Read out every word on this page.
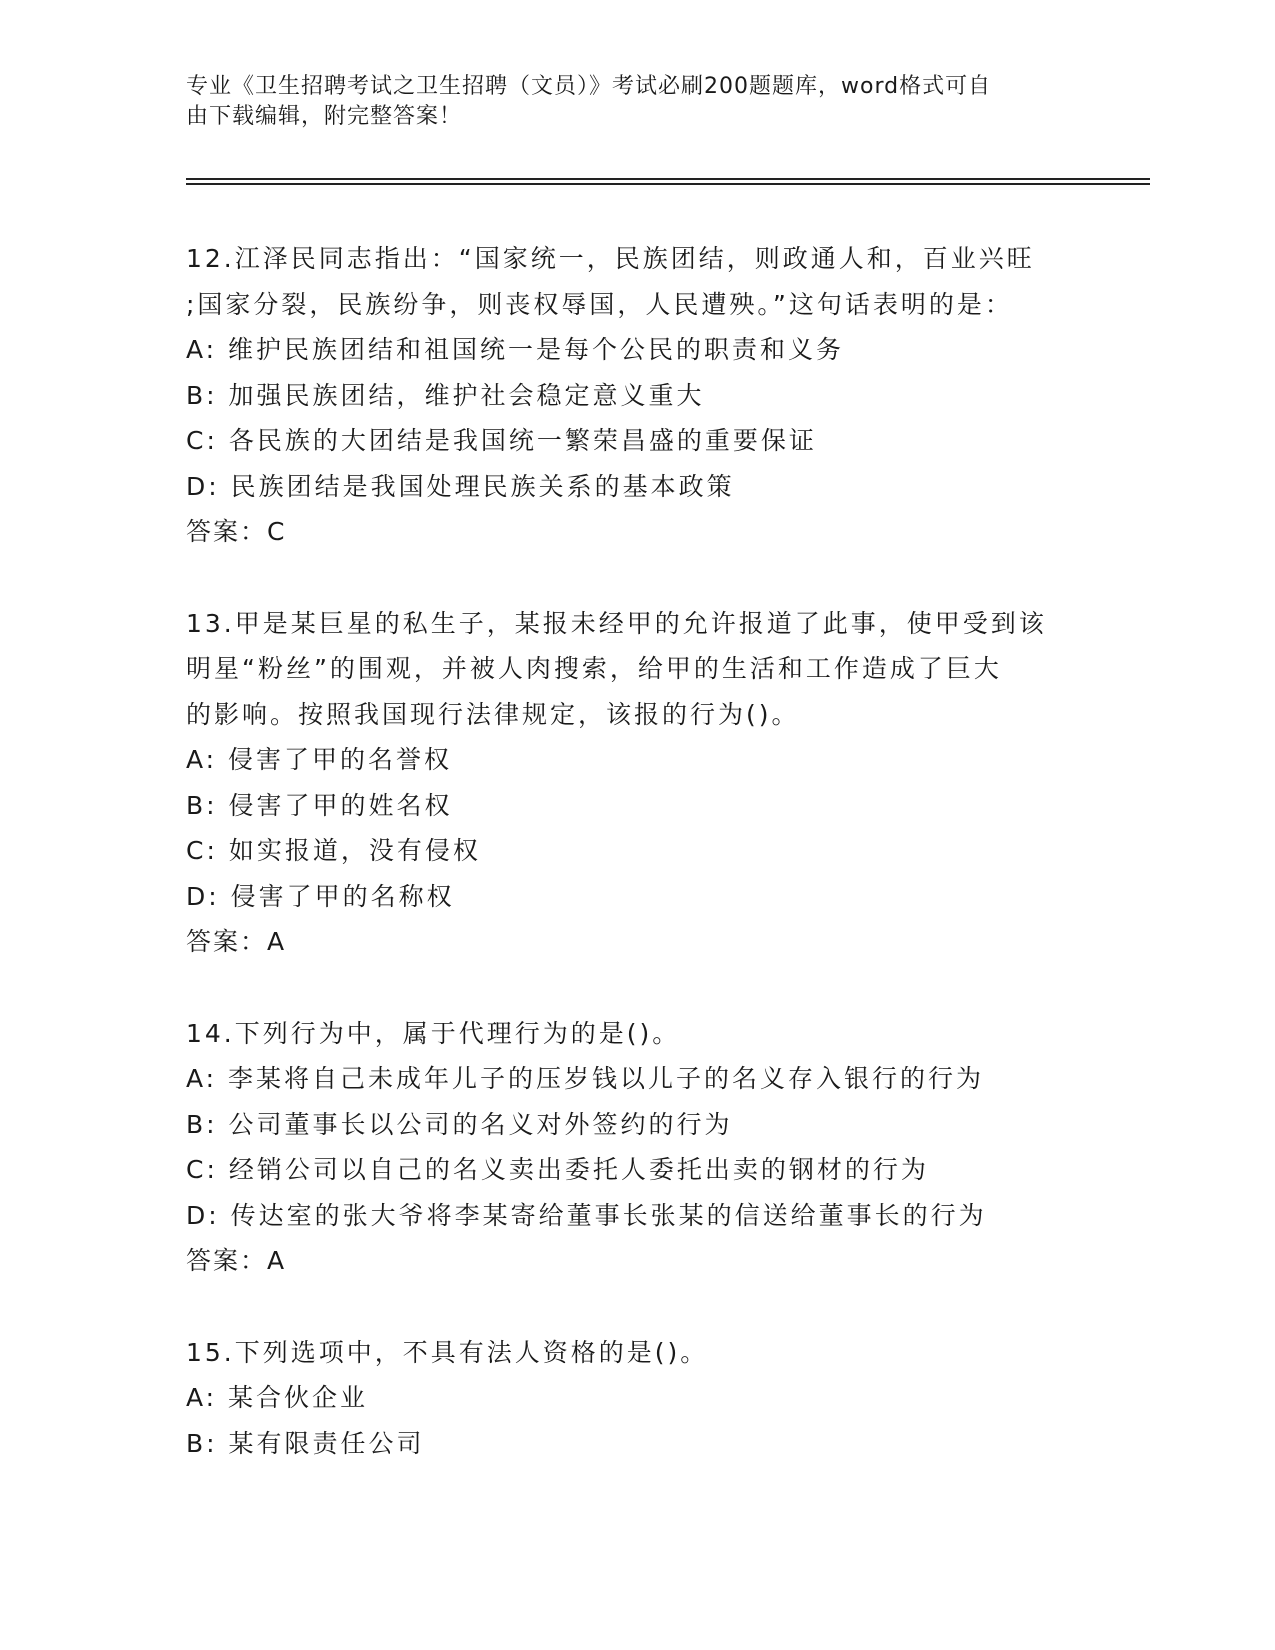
专业《卫生招聘考试之卫生招聘（文员）》考试必刷200题题库，word格式可自
由下载编辑，附完整答案！

12.江泽民同志指出：“国家统一，民族团结，则政通人和，百业兴旺

;国家分裂，民族纷争，则丧权辱国，人民遭殃。”这句话表明的是：

A: 维护民族团结和祖国统一是每个公民的职责和义务

B: 加强民族团结，维护社会稳定意义重大

C: 各民族的大团结是我国统一繁荣昌盛的重要保证

D: 民族团结是我国处理民族关系的基本政策

答案：C

13.甲是某巨星的私生子，某报未经甲的允许报道了此事，使甲受到该

明星“粉丝”的围观，并被人肉搜索，给甲的生活和工作造成了巨大

的影响。按照我国现行法律规定，该报的行为()。

A: 侵害了甲的名誉权

B: 侵害了甲的姓名权

C: 如实报道，没有侵权

D: 侵害了甲的名称权

答案：A

14.下列行为中，属于代理行为的是()。

A: 李某将自己未成年儿子的压岁钱以儿子的名义存入银行的行为

B: 公司董事长以公司的名义对外签约的行为

C: 经销公司以自己的名义卖出委托人委托出卖的钢材的行为

D: 传达室的张大爷将李某寄给董事长张某的信送给董事长的行为

答案：A

15.下列选项中，不具有法人资格的是()。

A: 某合伙企业

B: 某有限责任公司
